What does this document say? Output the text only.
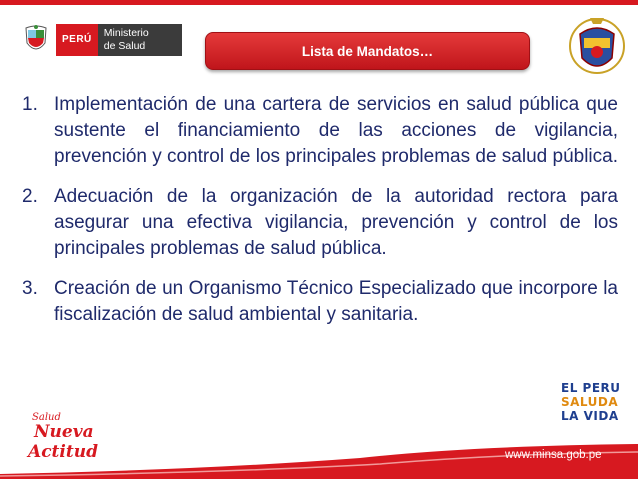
PERÚ
Ministerio
de Salud	Lista de Mandatos…
1. Implementación de una cartera de servicios en salud pública que sustente el financiamiento de las acciones de vigilancia, prevención y control de los principales problemas de salud pública.
2. Adecuación de la organización de la autoridad rectora para asegurar una efectiva vigilancia, prevención y control de los principales problemas de salud pública.
3. Creación de un Organismo Técnico Especializado que incorpore la fiscalización de salud ambiental y sanitaria.
EL PERU
SALUDA
LA VIDA
Salud
Nueva
Actitud	www.minsa.gob.pe
